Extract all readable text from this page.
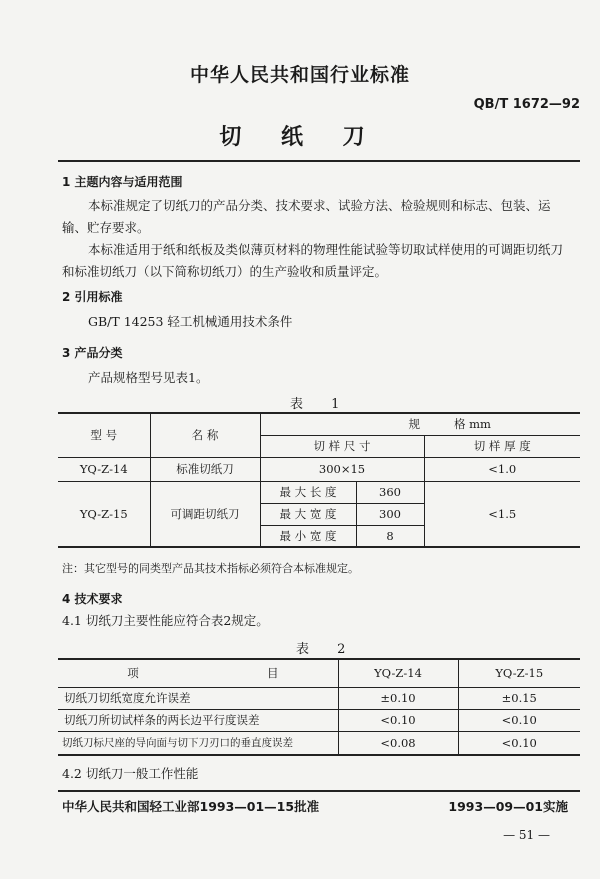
中华人民共和国行业标准
QB/T 1672—92
切 纸 刀
1 主题内容与适用范围
本标准规定了切纸刀的产品分类、技术要求、试验方法、检验规则和标志、包装、运
输、贮存要求。
本标准适用于纸和纸板及类似薄页材料的物理性能试验等切取试样使用的可调距切纸刀
和标准切纸刀（以下简称切纸刀）的生产验收和质量评定。
2 引用标准
GB/T 14253 轻工机械通用技术条件
3 产品分类
产品规格型号见表1。
表 1
型 号	名 称	规		格 mm
		切 样 尺 寸		切 样 厚 度
YQ-Z-14	标准切纸刀	300×15		<1.0
YQ-Z-15	可调距切纸刀	最 大 长 度	360	<1.5
		最 大 宽 度	300	
		最 小 宽 度	8	
注：其它型号的同类型产品其技术指标必须符合本标准规定。
4 技术要求
4.1 切纸刀主要性能应符合表2规定。
表 2
项	目	YQ-Z-14	YQ-Z-15
切纸刀切纸宽度允许误差		±0.10	±0.15
切纸刀所切试样条的两长边平行度误差		<0.10	<0.10
切纸刀标尺座的导向面与切下刀刃口的垂直度误差		<0.08	<0.10
4.2 切纸刀一般工作性能
中华人民共和国轻工业部1993—01—15批准	1993—09—01实施
— 51 —
